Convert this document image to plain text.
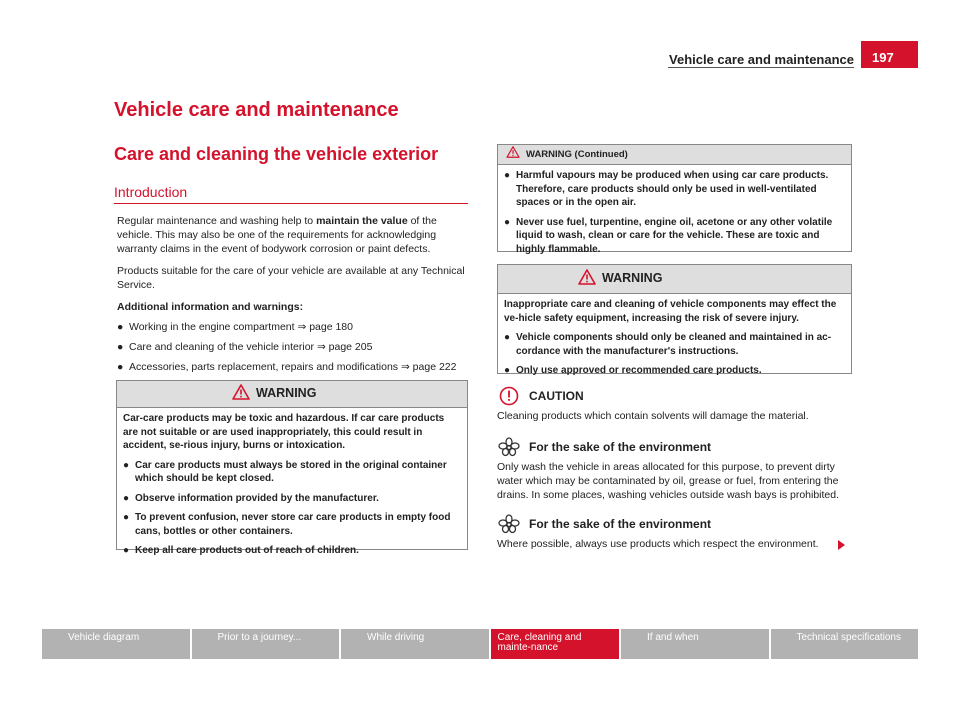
Vehicle care and maintenance	197
Vehicle care and maintenance
Care and cleaning the vehicle exterior
Introduction

Regular maintenance and washing help to maintain the value of the vehicle. This may also be one of the requirements for acknowledging warranty claims in the event of bodywork corrosion or paint defects.

Products suitable for the care of your vehicle are available at any Technical Service.

Additional information and warnings:

● Working in the engine compartment ⇒ page 180
● Care and cleaning of the vehicle interior ⇒ page 205
● Accessories, parts replacement, repairs and modifications ⇒ page 222
WARNING

Car-care products may be toxic and hazardous. If car care products are not suitable or are used inappropriately, this could result in accident, se-rious injury, burns or intoxication.

● Car care products must always be stored in the original container which should be kept closed.
● Observe information provided by the manufacturer.
● To prevent confusion, never store car care products in empty food cans, bottles or other containers.
● Keep all care products out of reach of children.
WARNING (Continued)
● Harmful vapours may be produced when using car care products. Therefore, care products should only be used in well-ventilated spaces or in the open air.
● Never use fuel, turpentine, engine oil, acetone or any other volatile liquid to wash, clean or care for the vehicle. These are toxic and highly flammable.
WARNING

Inappropriate care and cleaning of vehicle components may effect the ve-hicle safety equipment, increasing the risk of severe injury.

● Vehicle components should only be cleaned and maintained in ac-cordance with the manufacturer's instructions.
● Only use approved or recommended care products.
CAUTION
Cleaning products which contain solvents will damage the material.
For the sake of the environment
Only wash the vehicle in areas allocated for this purpose, to prevent dirty water which may be contaminated by oil, grease or fuel, from entering the drains. In some places, washing vehicles outside wash bays is prohibited.
For the sake of the environment
Where possible, always use products which respect the environment.
Vehicle diagram	Prior to a journey...	While driving	Care, cleaning and mainte-nance
If and when	Technical specifications
